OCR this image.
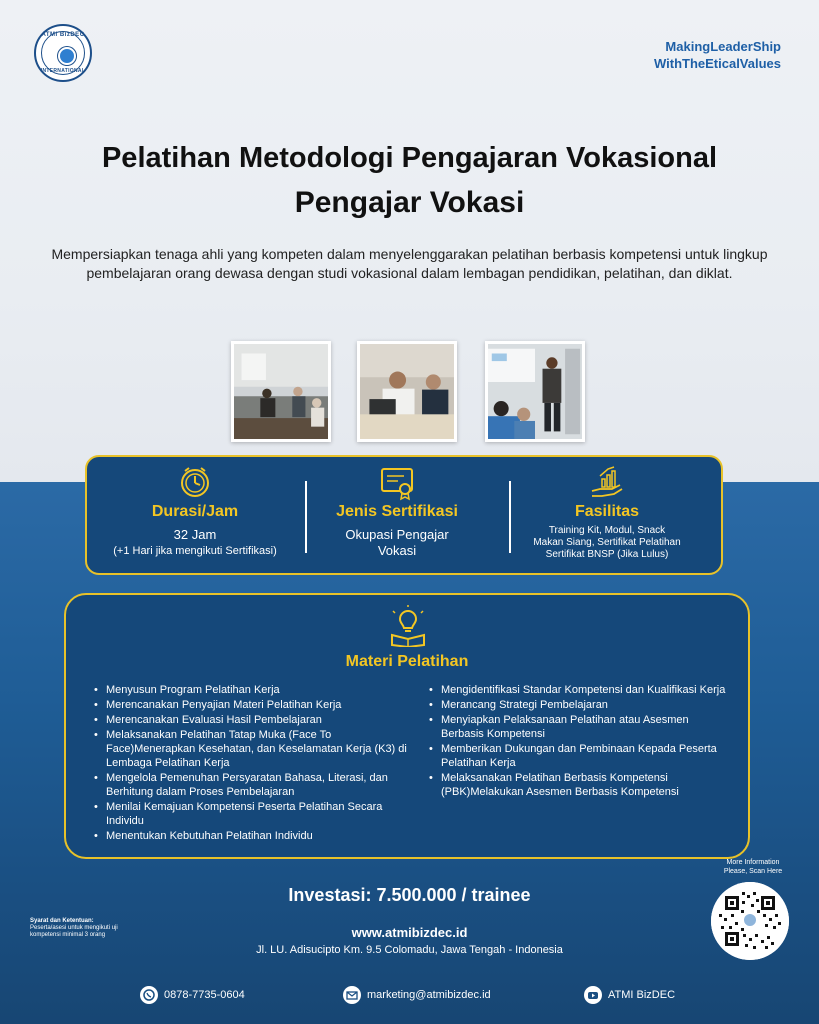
ATMI BizDEC
INTERNATIONAL
MakingLeaderShip
WithTheEticalValues
Pelatihan Metodologi Pengajaran Vokasional
Pengajar Vokasi
Mempersiapkan tenaga ahli yang kompeten dalam menyelenggarakan pelatihan berbasis kompetensi untuk lingkup pembelajaran orang dewasa dengan studi vokasional dalam lembagan pendidikan, pelatihan, dan diklat.
Durasi/Jam
32 Jam
(+1 Hari jika mengikuti Sertifikasi)
Jenis Sertifikasi
Okupasi Pengajar
Vokasi
Fasilitas
Training Kit, Modul, Snack
Makan Siang, Sertifikat Pelatihan
Sertifikat BNSP (Jika Lulus)
Materi Pelatihan
• Menyusun Program Pelatihan Kerja
• Merencanakan Penyajian Materi Pelatihan Kerja
• Merencanakan Evaluasi Hasil Pembelajaran
• Melaksanakan Pelatihan Tatap Muka (Face To Face)Menerapkan Kesehatan, dan Keselamatan Kerja (K3) di Lembaga Pelatihan Kerja
• Mengelola Pemenuhan Persyaratan Bahasa, Literasi, dan Berhitung dalam Proses Pembelajaran
• Menilai Kemajuan Kompetensi Peserta Pelatihan Secara Individu
• Menentukan Kebutuhan Pelatihan Individu
• Mengidentifikasi Standar Kompetensi dan Kualifikasi Kerja
• Merancang Strategi Pembelajaran
• Menyiapkan Pelaksanaan Pelatihan atau Asesmen Berbasis Kompetensi
• Memberikan Dukungan dan Pembinaan Kepada Peserta Pelatihan Kerja
• Melaksanakan Pelatihan Berbasis Kompetensi (PBK)Melakukan Asesmen Berbasis Kompetensi
More Information
Please, Scan Here
Investasi: 7.500.000 / trainee
Syarat dan Ketentuan:
Peserta/asesi untuk mengikuti uji
kompetensi minimal 3 orang	www.atmibizdec.id
Jl. LU. Adisucipto Km. 9.5 Colomadu, Jawa Tengah - Indonesia
0878-7735-0604	marketing@atmibizdec.id	ATMI BizDEC
